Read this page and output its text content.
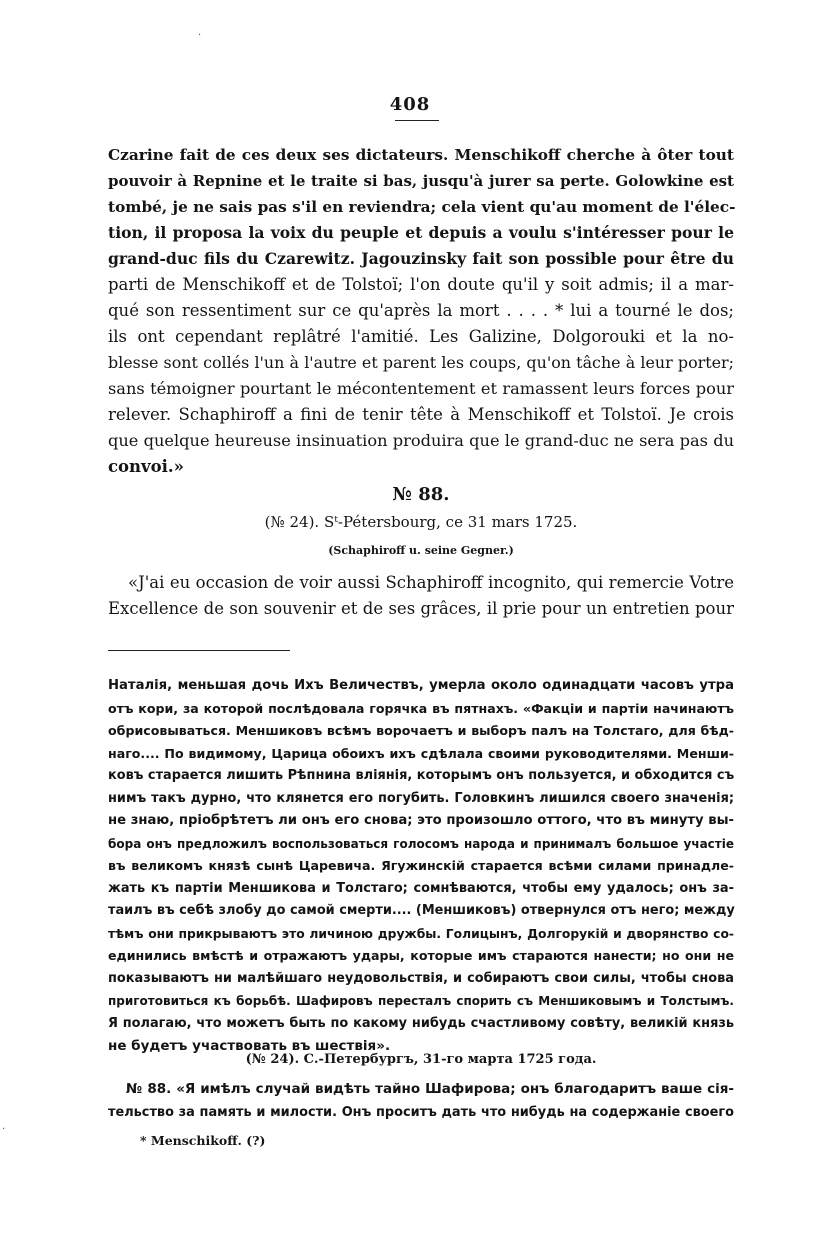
408
Czarine fait de ces deux ses dictateurs. Menschikoff cherche à ôter tout
pouvoir à Repnine et le traite si bas, jusqu'à jurer sa perte. Golowkine est
tombé, je ne sais pas s'il en reviendra; cela vient qu'au moment de l'élec-
tion, il proposa la voix du peuple et depuis a voulu s'intéresser pour le
grand-duc fils du Czarewitz. Jagouzinsky fait son possible pour être du
parti de Menschikoff et de Tolstoï; l'on doute qu'il y soit admis; il a mar-
qué son ressentiment sur ce qu'après la mort . . . . * lui a tourné le dos;
ils ont cependant replâtré l'amitié. Les Galizine, Dolgorouki et la no-
blesse sont collés l'un à l'autre et parent les coups, qu'on tâche à leur porter;
sans témoigner pourtant le mécontentement et ramassent leurs forces pour
relever. Schaphiroff a fini de tenir tête à Menschikoff et Tolstoï. Je crois
que quelque heureuse insinuation produira que le grand-duc ne sera pas du
convoi.»
№ 88.
(№ 24). Sᵗ-Pétersbourg, ce 31 mars 1725.
(Schaphiroff u. seine Gegner.)
«J'ai eu occasion de voir aussi Schaphiroff incognito, qui remercie Votre
Excellence de son souvenir et de ses grâces, il prie pour un entretien pour
Наталія, меньшая дочь Ихъ Величествъ, умерла около одинадцати часовъ утра
отъ кори, за которой послѣдовала горячка въ пятнахъ. «Факціи и партіи начинаютъ
обрисовываться. Меншиковъ всѣмъ ворочаетъ и выборъ палъ на Толстаго, для бѣд-
наго.... По видимому, Царица обоихъ ихъ сдѣлала своими руководителями. Менши-
ковъ старается лишить Рѣпнина вліянія, которымъ онъ пользуется, и обходится съ
нимъ такъ дурно, что клянется его погубить. Головкинъ лишился своего значенія;
не знаю, пріобрѣтетъ ли онъ его снова; это произошло оттого, что въ минуту вы-
бора онъ предложилъ воспользоваться голосомъ народа и принималъ большое участіе
въ великомъ князѣ сынѣ Царевича. Ягужинскій старается всѣми силами принадле-
жать къ партіи Меншикова и Толстаго; сомнѣваются, чтобы ему удалось; онъ за-
таилъ въ себѣ злобу до самой смерти.... (Меншиковъ) отвернулся отъ него; между
тѣмъ они прикрываютъ это личиною дружбы. Голицынъ, Долгорукій и дворянство со-
единились вмѣстѣ и отражаютъ удары, которые имъ стараются нанести; но они не
показываютъ ни малѣйшаго неудовольствія, и собираютъ свои силы, чтобы снова
приготовиться къ борьбѣ. Шафировъ пересталъ спорить съ Меншиковымъ и Толстымъ.
Я полагаю, что можетъ быть по какому нибудь счастливому совѣту, великій князь
не будетъ участвовать въ шествія».
(№ 24). С.-Петербургъ, 31-го марта 1725 года.
№ 88. «Я имѣлъ случай видѣть тайно Шафирова; онъ благодаритъ ваше сія-
тельство за память и милости. Онъ проситъ дать что нибудь на содержаніе своего
* Menschikoff. (?)
·
·
